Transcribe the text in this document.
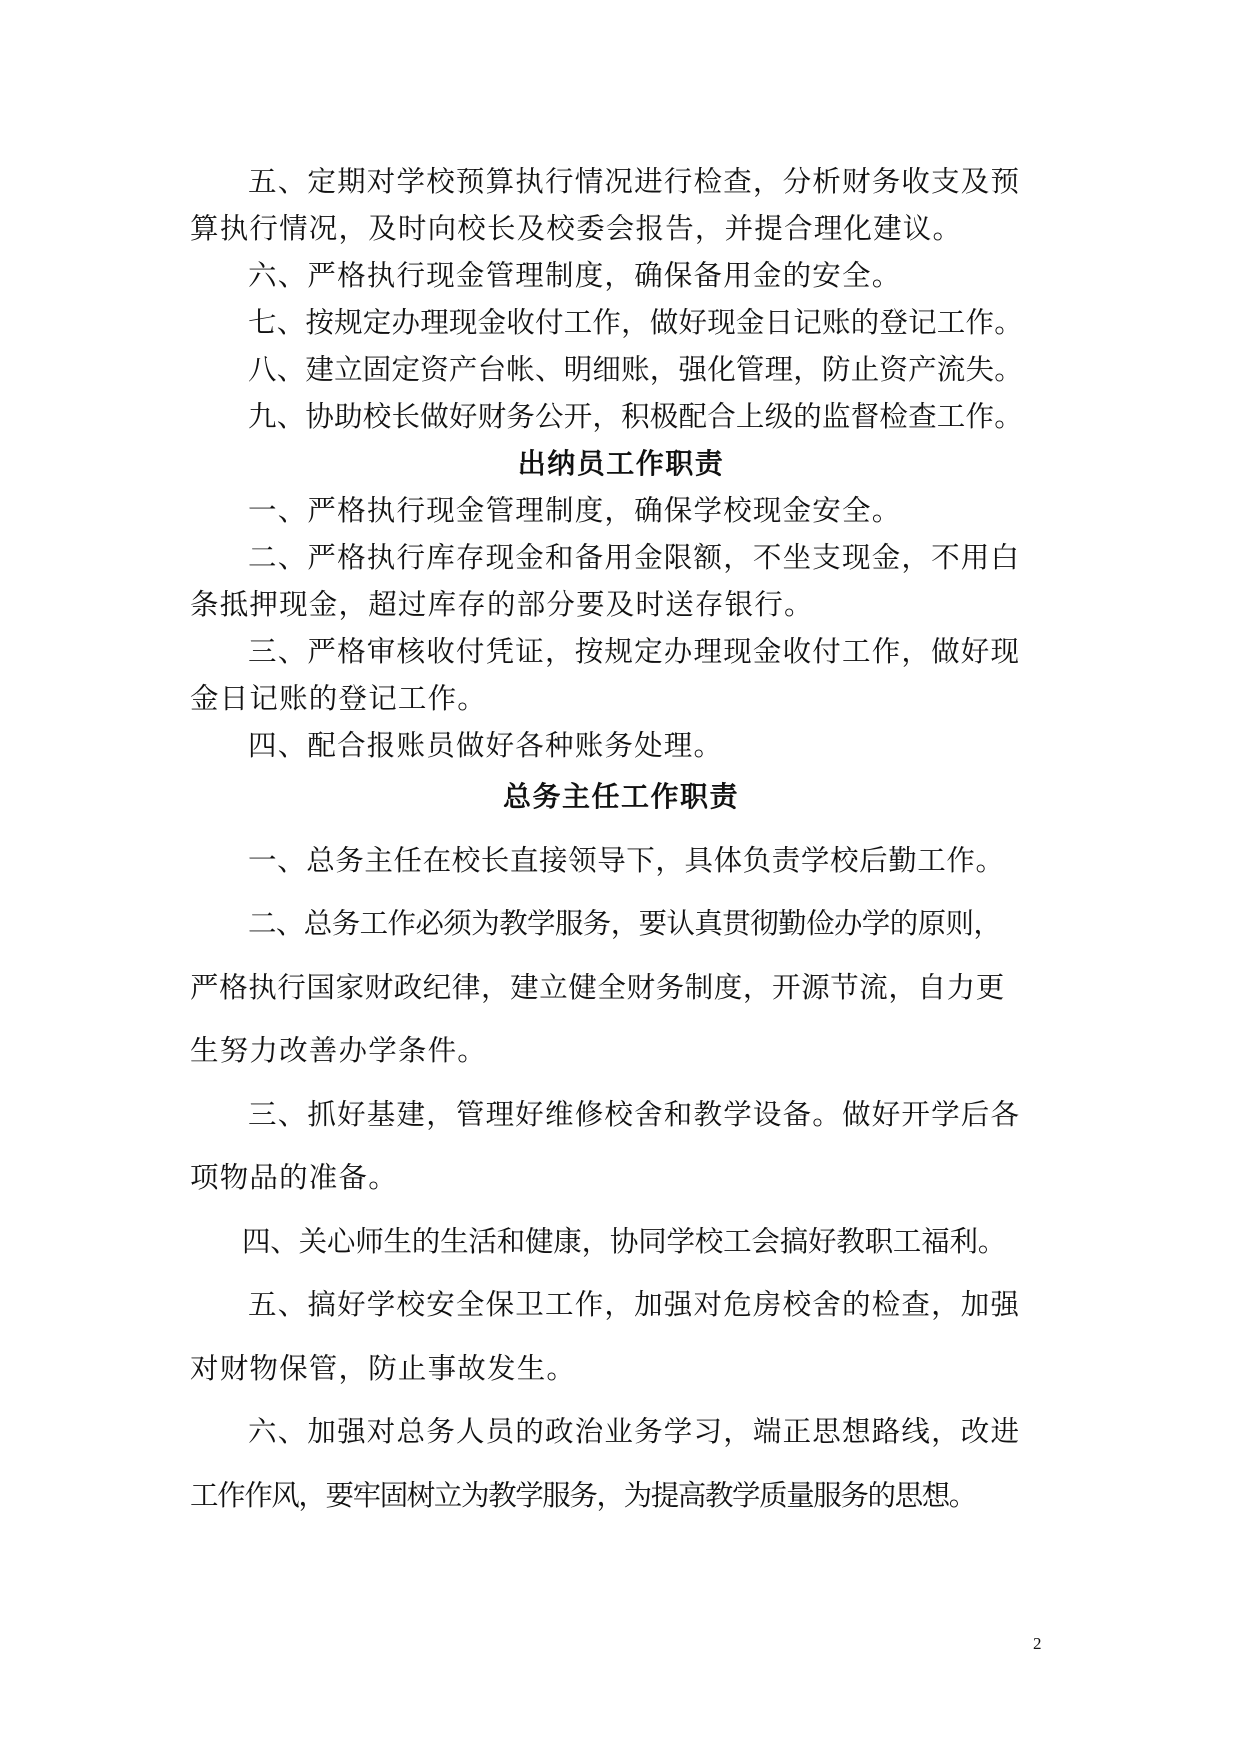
五、定期对学校预算执行情况进行检查，分析财务收支及预

算执行情况，及时向校长及校委会报告，并提合理化建议。

六、严格执行现金管理制度，确保备用金的安全。

七、按规定办理现金收付工作，做好现金日记账的登记工作。

八、建立固定资产台帐、明细账，强化管理，防止资产流失。

九、协助校长做好财务公开，积极配合上级的监督检查工作。

出纳员工作职责

一、严格执行现金管理制度，确保学校现金安全。

二、严格执行库存现金和备用金限额，不坐支现金，不用白

条抵押现金，超过库存的部分要及时送存银行。

三、严格审核收付凭证，按规定办理现金收付工作，做好现

金日记账的登记工作。

四、配合报账员做好各种账务处理。

总务主任工作职责

一、总务主任在校长直接领导下，具体负责学校后勤工作。

二、总务工作必须为教学服务，要认真贯彻勤俭办学的原则，

严格执行国家财政纪律，建立健全财务制度，开源节流，自力更

生努力改善办学条件。

三、抓好基建，管理好维修校舍和教学设备。做好开学后各

项物品的准备。

四、关心师生的生活和健康，协同学校工会搞好教职工福利。

五、搞好学校安全保卫工作，加强对危房校舍的检查，加强

对财物保管，防止事故发生。

六、加强对总务人员的政治业务学习，端正思想路线，改进

工作作风，要牢固树立为教学服务，为提高教学质量服务的思想。

2
